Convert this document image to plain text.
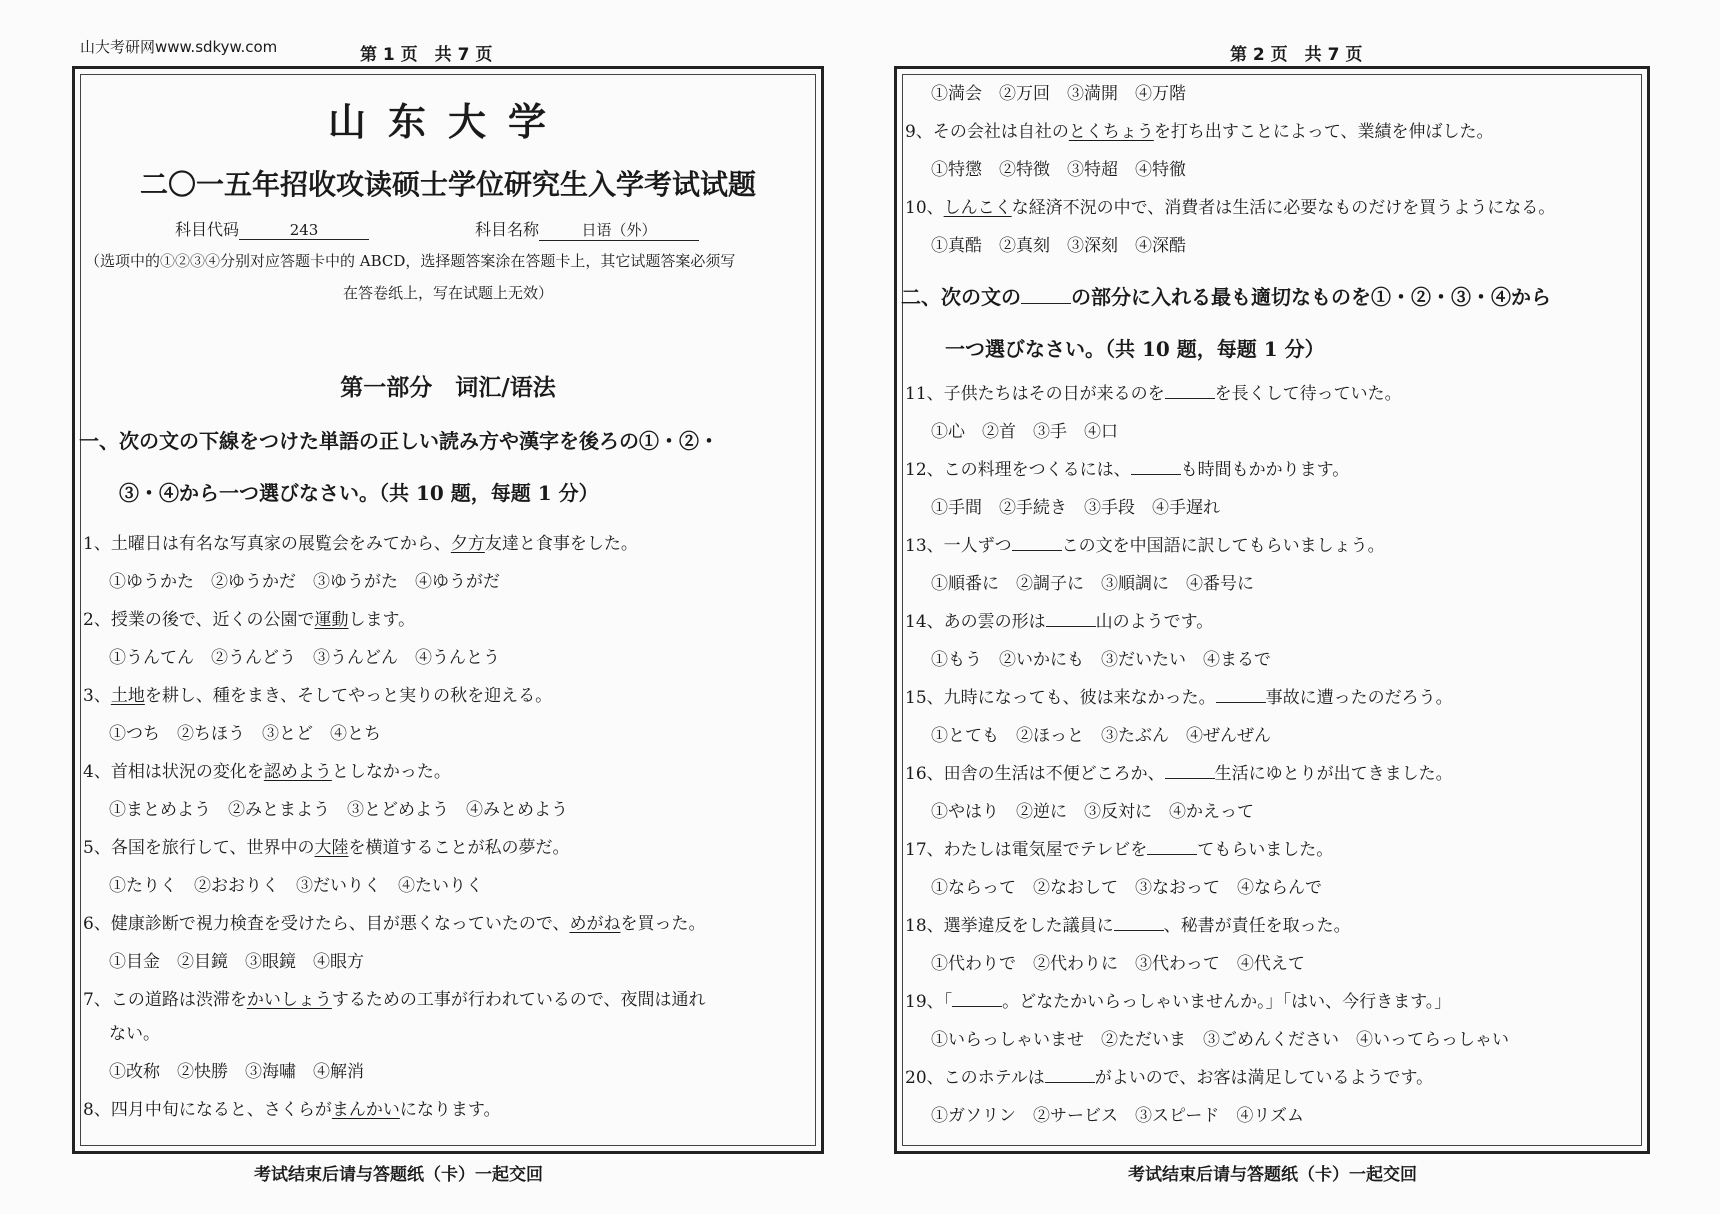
山大考研网www.sdkyw.com	第 1 页　共 7 页	第 2 页　共 7 页
山东大学
二〇一五年招收攻读硕士学位研究生入学考试试题
科目代码	243	科目名称	日语（外）
（选项中的①②③④分别对应答题卡中的 ABCD，选择题答案涂在答题卡上，其它试题答案必须写
在答卷纸上，写在试题上无效）
第一部分　词汇/语法
一、次の文の下線をつけた単語の正しい読み方や漢字を後ろの①・②・
③・④から一つ選びなさい。（共 10 题，每题 1 分）
1、土曜日は有名な写真家の展覧会をみてから、夕方友達と食事をした。
①ゆうかた　②ゆうかだ　③ゆうがた　④ゆうがだ
2、授業の後で、近くの公園で運動します。
①うんてん　②うんどう　③うんどん　④うんとう
3、土地を耕し、種をまき、そしてやっと実りの秋を迎える。
①つち　②ちほう　③とど　④とち
4、首相は状況の変化を認めようとしなかった。
①まとめよう　②みとまよう　③とどめよう　④みとめよう
5、各国を旅行して、世界中の大陸を横道することが私の夢だ。
①たりく　②おおりく　③だいりく　④たいりく
6、健康診断で視力検査を受けたら、目が悪くなっていたので、めがねを買った。
①目金　②目鏡　③眼鏡　④眼方
7、この道路は渋滞をかいしょうするための工事が行われているので、夜間は通れ
ない。
①改称　②快勝　③海嘯　④解消
8、四月中旬になると、さくらがまんかいになります。
①満会　②万回　③満開　④万階
9、その会社は自社のとくちょうを打ち出すことによって、業績を伸ばした。
①特懲　②特徴　③特超　④特徹
10、しんこくな経済不況の中で、消費者は生活に必要なものだけを買うようになる。
①真酷　②真刻　③深刻　④深酷
二、次の文の	の部分に入れる最も適切なものを①・②・③・④から
一つ選びなさい。（共 10 题，每题 1 分）
11、子供たちはその日が来るのを	を長くして待っていた。
①心　②首　③手　④口
12、この料理をつくるには、	も時間もかかります。
①手間　②手続き　③手段　④手遅れ
13、一人ずつ	この文を中国語に訳してもらいましょう。
①順番に　②調子に　③順調に　④番号に
14、あの雲の形は	山のようです。
①もう　②いかにも　③だいたい　④まるで
15、九時になっても、彼は来なかった。	事故に遭ったのだろう。
①とても　②ほっと　③たぶん　④ぜんぜん
16、田舎の生活は不便どころか、	生活にゆとりが出てきました。
①やはり　②逆に　③反対に　④かえって
17、わたしは電気屋でテレビを	てもらいました。
①ならって　②なおして　③なおって　④ならんで
18、選挙違反をした議員に	、秘書が責任を取った。
①代わりで　②代わりに　③代わって　④代えて
19、「	。どなたかいらっしゃいませんか。」「はい、今行きます。」
①いらっしゃいませ　②ただいま　③ごめんください　④いってらっしゃい
20、このホテルは	がよいので、お客は満足しているようです。
①ガソリン　②サービス　③スピード　④リズム
考试结束后请与答题纸（卡）一起交回	考试结束后请与答题纸（卡）一起交回
